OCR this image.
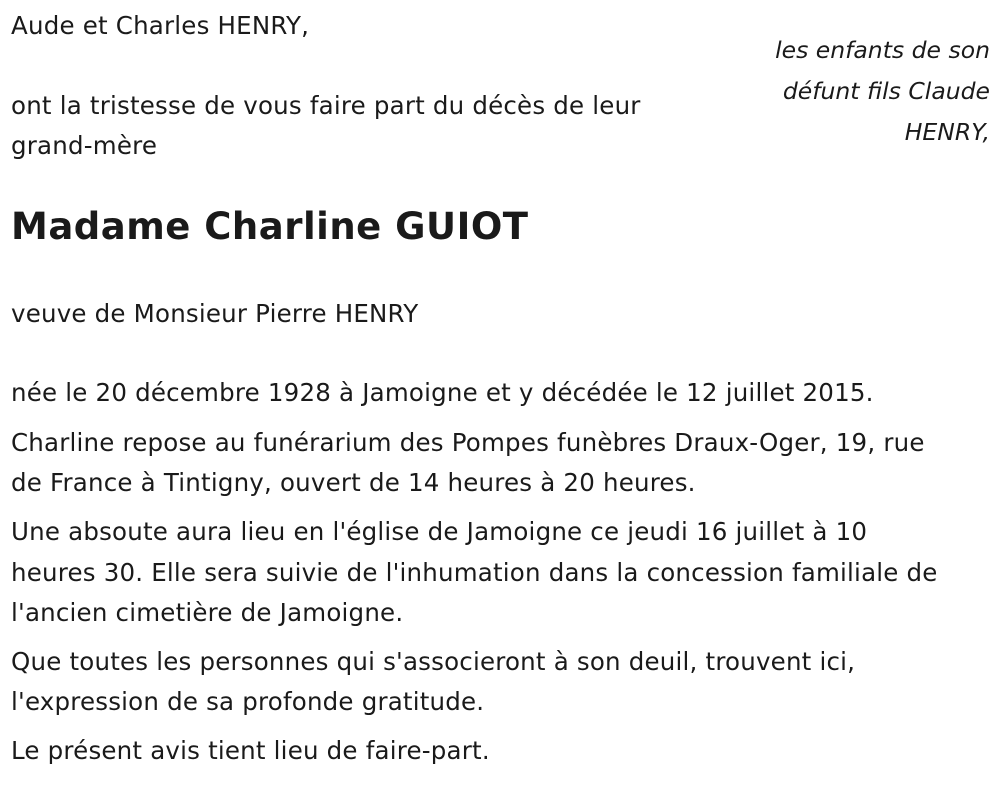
Aude et Charles HENRY,

les enfants de son
défunt fils Claude
HENRY,

ont la tristesse de vous faire part du décès de leur

grand-mère

Madame Charline GUIOT

veuve de Monsieur Pierre HENRY

née le 20 décembre 1928 à Jamoigne et y décédée le 12 juillet 2015.

Charline repose au funérarium des Pompes funèbres Draux-Oger, 19, rue

de France à Tintigny, ouvert de 14 heures à 20 heures.

Une absoute aura lieu en l'église de Jamoigne ce jeudi 16 juillet à 10

heures 30. Elle sera suivie de l'inhumation dans la concession familiale de

l'ancien cimetière de Jamoigne.

Que toutes les personnes qui s'associeront à son deuil, trouvent ici,

l'expression de sa profonde gratitude.

Le présent avis tient lieu de faire-part.
